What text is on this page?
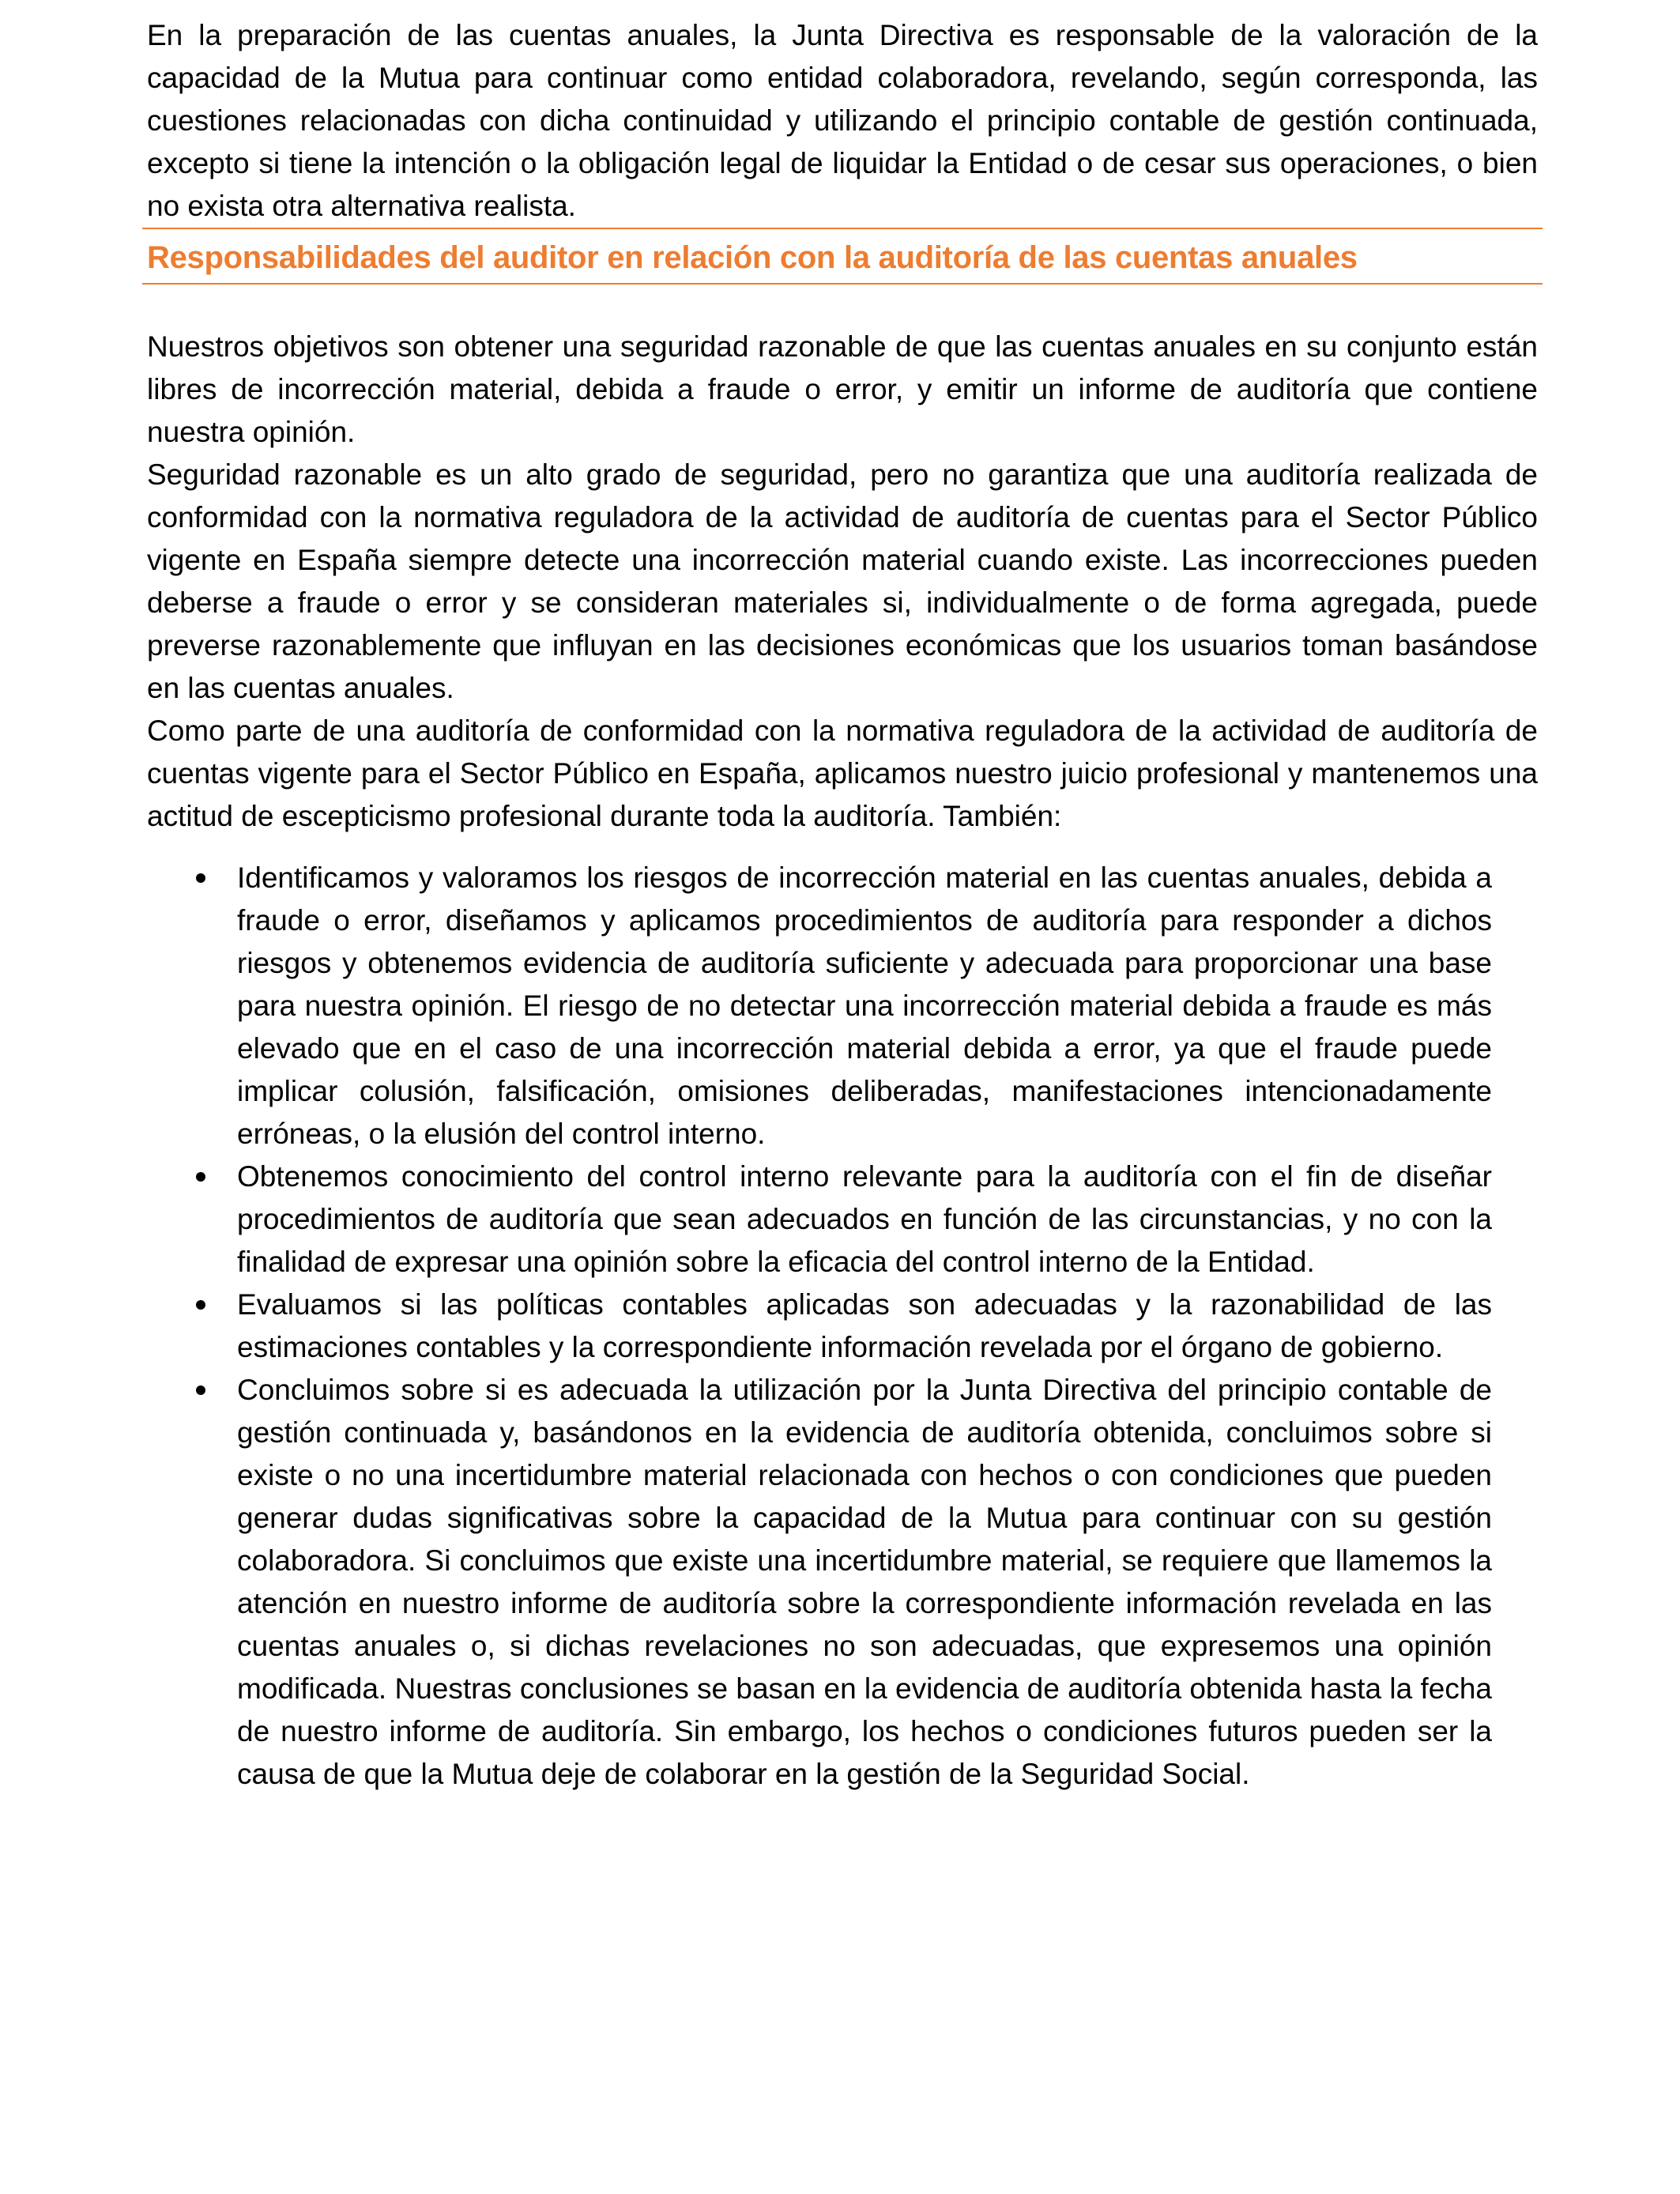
En la preparación de las cuentas anuales, la Junta Directiva es responsable de la valoración de la capacidad de la Mutua para continuar como entidad colaboradora, revelando, según corresponda, las cuestiones relacionadas con dicha continuidad y utilizando el principio contable de gestión continuada, excepto si tiene la intención o la obligación legal de liquidar la Entidad o de cesar sus operaciones, o bien no exista otra alternativa realista.

Responsabilidades del auditor en relación con la auditoría de las cuentas anuales

Nuestros objetivos son obtener una seguridad razonable de que las cuentas anuales en su conjunto están libres de incorrección material, debida a fraude o error, y emitir un informe de auditoría que contiene nuestra opinión.

Seguridad razonable es un alto grado de seguridad, pero no garantiza que una auditoría realizada de conformidad con la normativa reguladora de la actividad de auditoría de cuentas para el Sector Público vigente en España siempre detecte una incorrección material cuando existe. Las incorrecciones pueden deberse a fraude o error y se consideran materiales si, individualmente o de forma agregada, puede preverse razonablemente que influyan en las decisiones económicas que los usuarios toman basándose en las cuentas anuales.

Como parte de una auditoría de conformidad con la normativa reguladora de la actividad de auditoría de cuentas vigente para el Sector Público en España, aplicamos nuestro juicio profesional y mantenemos una actitud de escepticismo profesional durante toda la auditoría. También:

Identificamos y valoramos los riesgos de incorrección material en las cuentas anuales, debida a fraude o error, diseñamos y aplicamos procedimientos de auditoría para responder a dichos riesgos y obtenemos evidencia de auditoría suficiente y adecuada para proporcionar una base para nuestra opinión. El riesgo de no detectar una incorrección material debida a fraude es más elevado que en el caso de una incorrección material debida a error, ya que el fraude puede implicar colusión, falsificación, omisiones deliberadas, manifestaciones intencionadamente erróneas, o la elusión del control interno.
Obtenemos conocimiento del control interno relevante para la auditoría con el fin de diseñar procedimientos de auditoría que sean adecuados en función de las circunstancias, y no con la finalidad de expresar una opinión sobre la eficacia del control interno de la Entidad.
Evaluamos si las políticas contables aplicadas son adecuadas y la razonabilidad de las estimaciones contables y la correspondiente información revelada por el órgano de gobierno.
Concluimos sobre si es adecuada la utilización por la Junta Directiva del principio contable de gestión continuada y, basándonos en la evidencia de auditoría obtenida, concluimos sobre si existe o no una incertidumbre material relacionada con hechos o con condiciones que pueden generar dudas significativas sobre la capacidad de la Mutua para continuar con su gestión colaboradora. Si concluimos que existe una incertidumbre material, se requiere que llamemos la atención en nuestro informe de auditoría sobre la correspondiente información revelada en las cuentas anuales o, si dichas revelaciones no son adecuadas, que expresemos una opinión modificada. Nuestras conclusiones se basan en la evidencia de auditoría obtenida hasta la fecha de nuestro informe de auditoría. Sin embargo, los hechos o condiciones futuros pueden ser la causa de que la Mutua deje de colaborar en la gestión de la Seguridad Social.
